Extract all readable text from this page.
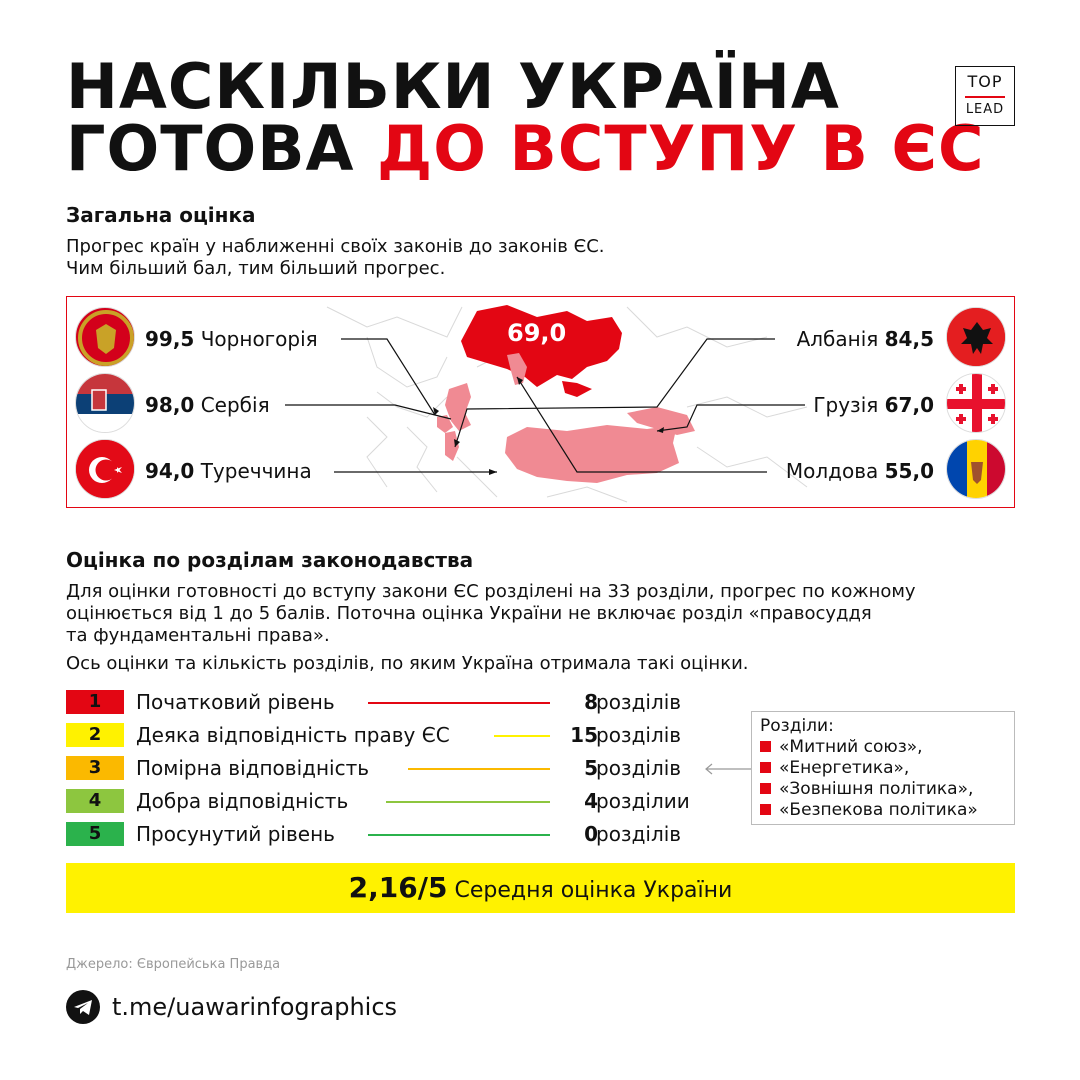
НАСКІЛЬКИ УКРАЇНА
ГОТОВА ДО ВСТУПУ В ЄС
TOP
LEAD
Загальна оцінка
Прогрес країн у наближенні своїх законів до законів ЄС.
Чим більший бал, тим більший прогрес.
69,0
99,5 Чорногорія
98,0 Сербія
94,0 Туреччина
Албанія 84,5
Грузія 67,0
Молдова 55,0
Оцінка по розділам законодавства
Для оцінки готовності до вступу закони ЄС розділені на 33 розділи, прогрес по кожному
оцінюється від 1 до 5 балів. Поточна оцінка України не включає розділ «правосуддя
та фундаментальні права».
Ось оцінки та кількість розділів, по яким Україна отримала такі оцінки.
1	Початковий рівень	8
розділів
2	Деяка відповідність праву ЄС	15
розділів
3	Помірна відповідність	5
розділів
4	Добра відповідність	4
розділии
5	Просунутий рівень	0
розділів
Розділи:
«Митний союз»,
«Енергетика»,
«Зовнішня політика»,
«Безпекова політика»
2,16/5 Середня оцінка України
Джерело: Європейська Правда
t.me/uawarinfographics
